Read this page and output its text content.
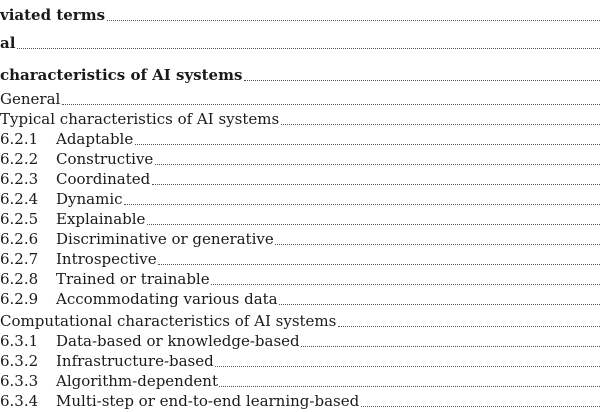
viated terms
al
characteristics of AI systems
General
Typical characteristics of AI systems
6.2.1 Adaptable
6.2.2 Constructive
6.2.3 Coordinated
6.2.4 Dynamic
6.2.5 Explainable
6.2.6 Discriminative or generative
6.2.7 Introspective
6.2.8 Trained or trainable
6.2.9 Accommodating various data
Computational characteristics of AI systems
6.3.1 Data-based or knowledge-based
6.3.2 Infrastructure-based
6.3.3 Algorithm-dependent
6.3.4 Multi-step or end-to-end learning-based
